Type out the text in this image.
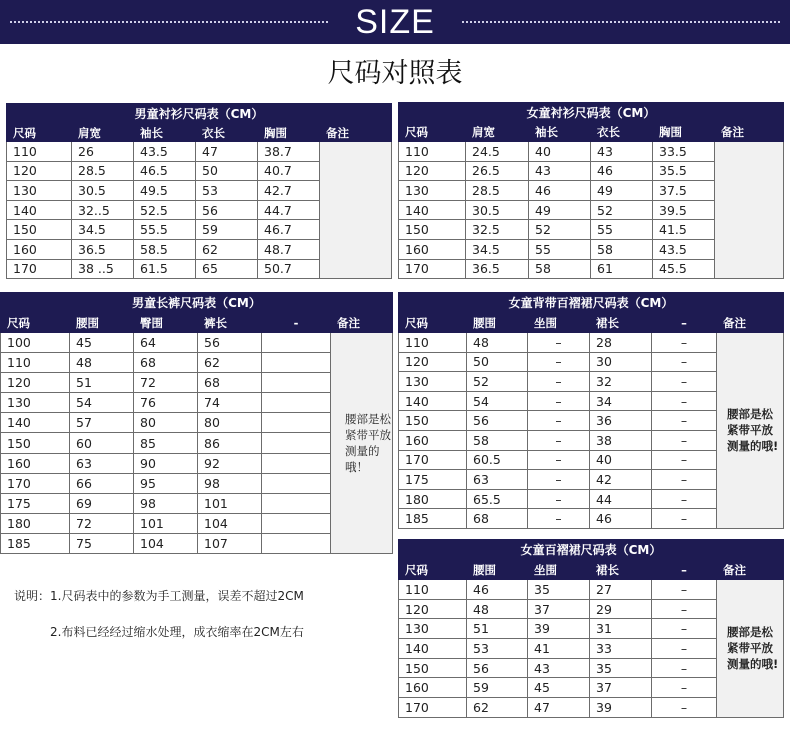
SIZE
尺码对照表
男童衬衫尺码表（CM）					
尺码	肩宽	袖长	衣长	胸围	备注
110	26	43.5	47	38.7	
120	28.5	46.5	50	40.7	
130	30.5	49.5	53	42.7	
140	32..5	52.5	56	44.7	
150	34.5	55.5	59	46.7	
160	36.5	58.5	62	48.7	
170	38 ..5	61.5	65	50.7	
女童衬衫尺码表（CM）					
尺码	肩宽	袖长	衣长	胸围	备注
110	24.5	40	43	33.5	
120	26.5	43	46	35.5	
130	28.5	46	49	37.5	
140	30.5	49	52	39.5	
150	32.5	52	55	41.5	
160	34.5	55	58	43.5	
170	36.5	58	61	45.5	
男童长裤尺码表（CM）					
尺码	腰围	臀围	裤长	-	备注
100	45	64	56		腰部是松紧带平放测量的哦！
110	48	68	62		
120	51	72	68		
130	54	76	74		
140	57	80	80		
150	60	85	86		
160	63	90	92		
170	66	95	98		
175	69	98	101		
180	72	101	104		
185	75	104	107		
女童背带百褶裙尺码表（CM）					
尺码	腰围	坐围	裙长	–	备注
110	48	–	28	–	腰部是松紧带平放测量的哦!
120	50	–	30	–	
130	52	–	32	–	
140	54	–	34	–	
150	56	–	36	–	
160	58	–	38	–	
170	60.5	–	40	–	
175	63	–	42	–	
180	65.5	–	44	–	
185	68	–	46	–	
女童百褶裙尺码表（CM）					
尺码	腰围	坐围	裙长	–	备注
110	46	35	27	–	腰部是松紧带平放测量的哦!
120	48	37	29	–	
130	51	39	31	–	
140	53	41	33	–	
150	56	43	35	–	
160	59	45	37	–	
170	62	47	39	–	
说明：1.尺码表中的参数为手工测量，误差不超过2CM
2.布料已经经过缩水处理，成衣缩率在2CM左右
